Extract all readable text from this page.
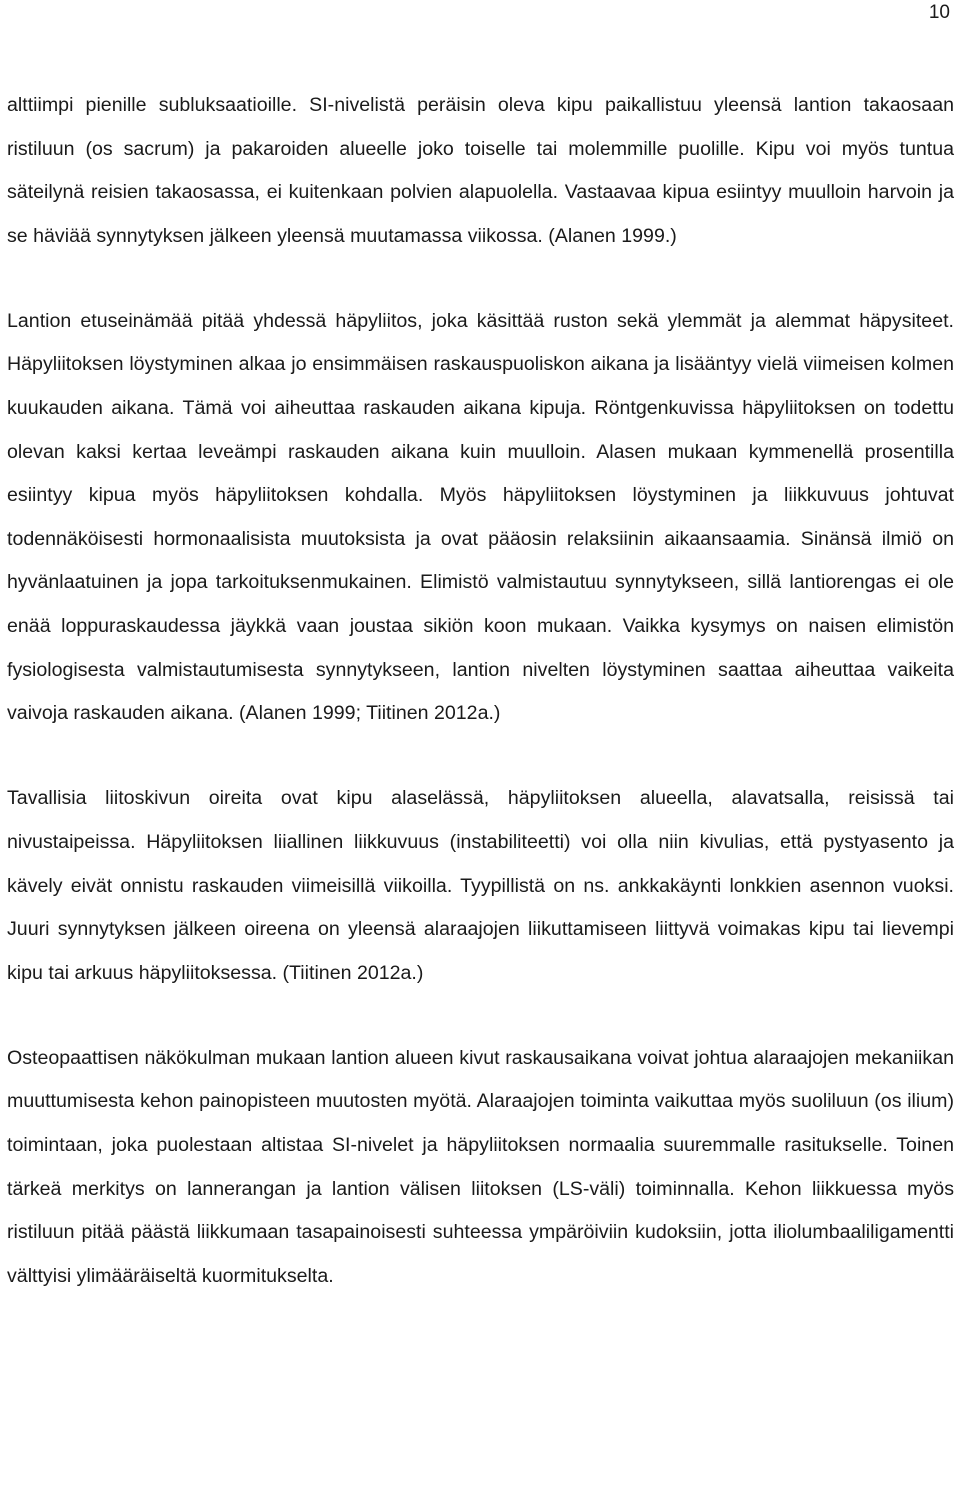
10

alttiimpi pienille subluksaatioille. SI-nivelistä peräisin oleva kipu paikallistuu yleensä lantion takaosaan ristiluun (os sacrum) ja pakaroiden alueelle joko toiselle tai molemmille puolille. Kipu voi myös tuntua säteilynä reisien takaosassa, ei kuitenkaan polvien alapuolella. Vastaavaa kipua esiintyy muulloin harvoin ja se häviää synnytyksen jälkeen yleensä muutamassa viikossa. (Alanen 1999.)

Lantion etuseinämää pitää yhdessä häpyliitos, joka käsittää ruston sekä ylemmät ja alemmat häpysiteet. Häpyliitoksen löystyminen alkaa jo ensimmäisen raskauspuoliskon aikana ja lisääntyy vielä viimeisen kolmen kuukauden aikana. Tämä voi aiheuttaa raskauden aikana kipuja. Röntgenkuvissa häpyliitoksen on todettu olevan kaksi kertaa leveämpi raskauden aikana kuin muulloin. Alasen mukaan kymmenellä prosentilla esiintyy kipua myös häpyliitoksen kohdalla. Myös häpyliitoksen löystyminen ja liikkuvuus johtuvat todennäköisesti hormonaalisista muutoksista ja ovat pääosin relaksiinin aikaansaamia. Sinänsä ilmiö on hyvänlaatuinen ja jopa tarkoituksenmukainen. Elimistö valmistautuu synnytykseen, sillä lantiorengas ei ole enää loppuraskaudessa jäykkä vaan joustaa sikiön koon mukaan. Vaikka kysymys on naisen elimistön fysiologisesta valmistautumisesta synnytykseen, lantion nivelten löystyminen saattaa aiheuttaa vaikeita vaivoja raskauden aikana. (Alanen 1999; Tiitinen 2012a.)

Tavallisia liitoskivun oireita ovat kipu alaselässä, häpyliitoksen alueella, alavatsalla, reisissä tai nivustaipeissa. Häpyliitoksen liiallinen liikkuvuus (instabiliteetti) voi olla niin kivulias, että pystyasento ja kävely eivät onnistu raskauden viimeisillä viikoilla. Tyypillistä on ns. ankkakäynti lonkkien asennon vuoksi. Juuri synnytyksen jälkeen oireena on yleensä alaraajojen liikuttamiseen liittyvä voimakas kipu tai lievempi kipu tai arkuus häpyliitoksessa. (Tiitinen 2012a.)

Osteopaattisen näkökulman mukaan lantion alueen kivut raskausaikana voivat johtua alaraajojen mekaniikan muuttumisesta kehon painopisteen muutosten myötä. Alaraajojen toiminta vaikuttaa myös suoliluun (os ilium) toimintaan, joka puolestaan altistaa SI-nivelet ja häpyliitoksen normaalia suuremmalle rasitukselle. Toinen tärkeä merkitys on lannerangan ja lantion välisen liitoksen (LS-väli) toiminnalla. Kehon liikkuessa myös ristiluun pitää päästä liikkumaan tasapainoisesti suhteessa ympäröiviin kudoksiin, jotta iliolumbaaliligamentti välttyisi ylimääräiseltä kuormitukselta.
